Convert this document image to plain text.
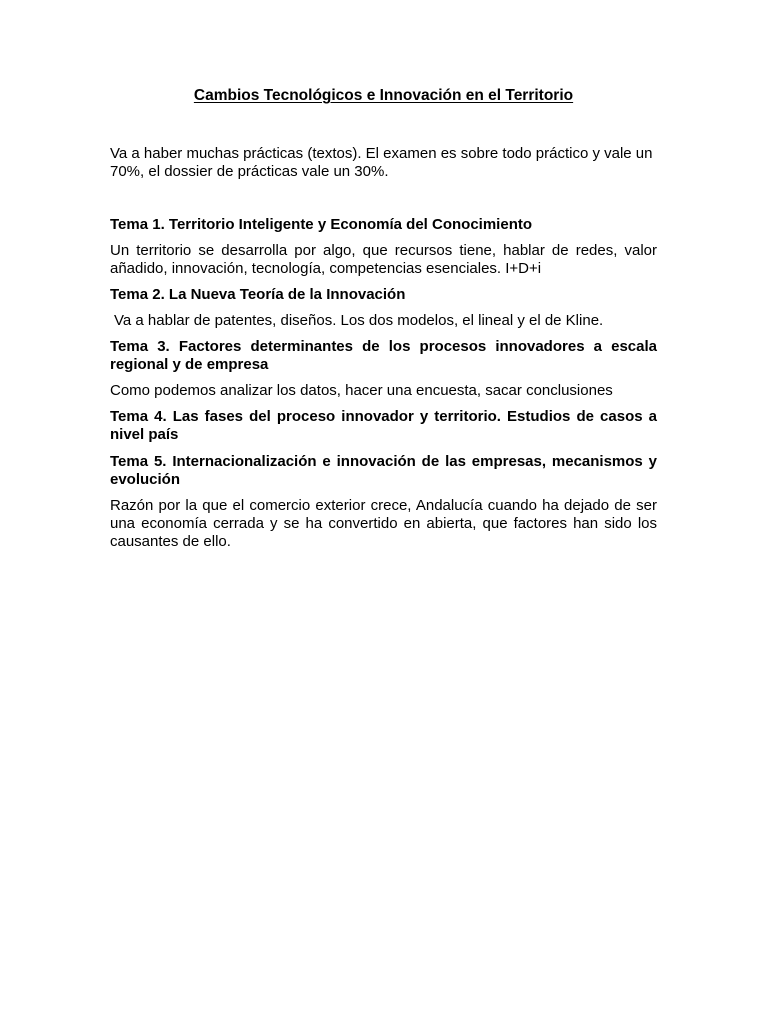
Cambios Tecnológicos e Innovación en el Territorio

Va a haber muchas prácticas (textos). El examen es sobre todo práctico y vale un 70%, el dossier de prácticas vale un 30%.

Tema 1. Territorio Inteligente y Economía del Conocimiento

Un territorio se desarrolla por algo, que recursos tiene, hablar de redes, valor añadido, innovación, tecnología, competencias esenciales. I+D+i

Tema 2. La Nueva Teoría de la Innovación

Va a hablar de patentes, diseños. Los dos modelos, el lineal y el de Kline.

Tema 3. Factores determinantes de los procesos innovadores a escala regional y de empresa

Como podemos analizar los datos, hacer una encuesta, sacar conclusiones

Tema 4. Las fases del proceso innovador y territorio. Estudios de casos a nivel país

Tema 5. Internacionalización e innovación de las empresas, mecanismos y evolución

Razón por la que el comercio exterior crece, Andalucía cuando ha dejado de ser una economía cerrada y se ha convertido en abierta, que factores han sido los causantes de ello.
